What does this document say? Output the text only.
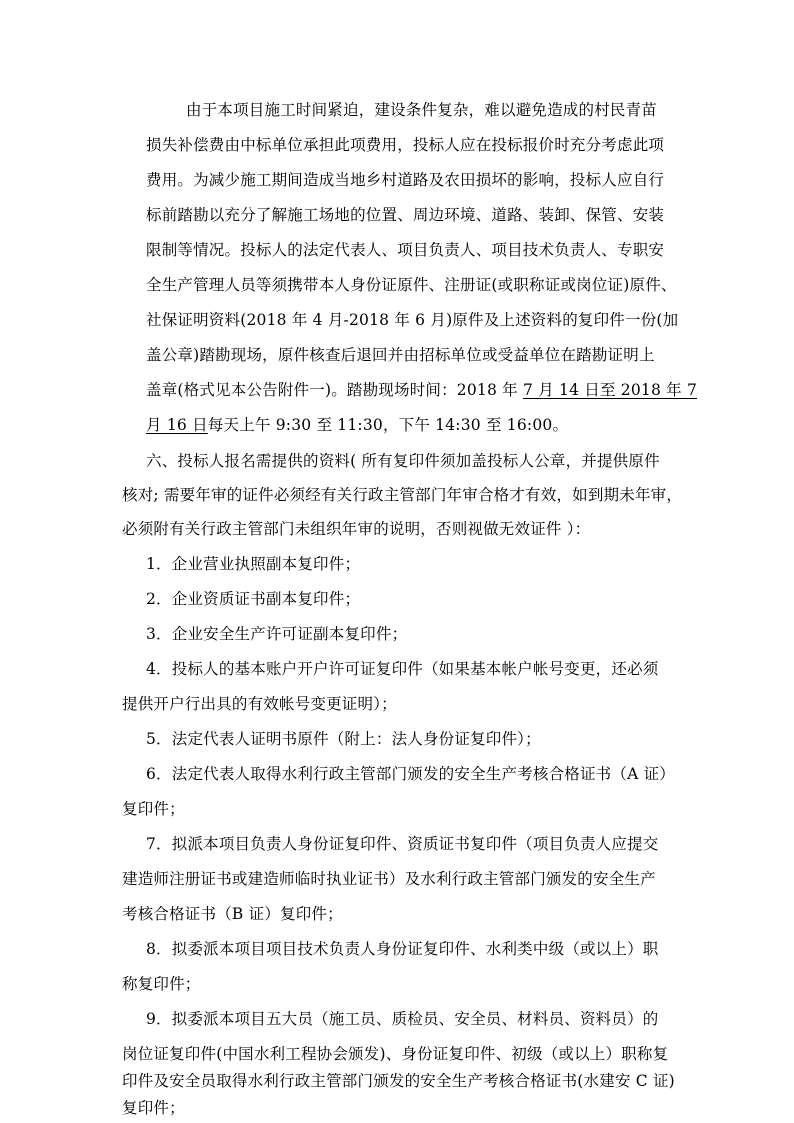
由于本项目施工时间紧迫，建设条件复杂，难以避免造成的村民青苗
损失补偿费由中标单位承担此项费用，投标人应在投标报价时充分考虑此项
费用。为减少施工期间造成当地乡村道路及农田损坏的影响，投标人应自行
标前踏勘以充分了解施工场地的位置、周边环境、道路、装卸、保管、安装
限制等情况。投标人的法定代表人、项目负责人、项目技术负责人、专职安
全生产管理人员等须携带本人身份证原件、注册证(或职称证或岗位证)原件、
社保证明资料(2018 年 4 月-2018 年 6 月)原件及上述资料的复印件一份(加
盖公章)踏勘现场，原件核查后退回并由招标单位或受益单位在踏勘证明上
盖章(格式见本公告附件一)。踏勘现场时间：2018 年 7 月 14 日至 2018 年 7
月 16 日每天上午 9:30 至 11:30，下午 14:30 至 16:00。
六、投标人报名需提供的资料( 所有复印件须加盖投标人公章，并提供原件
核对; 需要年审的证件必须经有关行政主管部门年审合格才有效，如到期未年审，
必须附有关行政主管部门未组织年审的说明，否则视做无效证件 ）：
1．企业营业执照副本复印件；
2．企业资质证书副本复印件；
3．企业安全生产许可证副本复印件；
4．投标人的基本账户开户许可证复印件（如果基本帐户帐号变更，还必须
提供开户行出具的有效帐号变更证明）；
5．法定代表人证明书原件（附上：法人身份证复印件）；
6．法定代表人取得水利行政主管部门颁发的安全生产考核合格证书（A 证）
复印件；
7．拟派本项目负责人身份证复印件、资质证书复印件（项目负责人应提交
建造师注册证书或建造师临时执业证书）及水利行政主管部门颁发的安全生产
考核合格证书（B 证）复印件；
8．拟委派本项目项目技术负责人身份证复印件、水利类中级（或以上）职
称复印件；
9．拟委派本项目五大员（施工员、质检员、安全员、材料员、资料员）的
岗位证复印件(中国水利工程协会颁发)、身份证复印件、初级（或以上）职称复
印件及安全员取得水利行政主管部门颁发的安全生产考核合格证书(水建安 C 证)
复印件；
